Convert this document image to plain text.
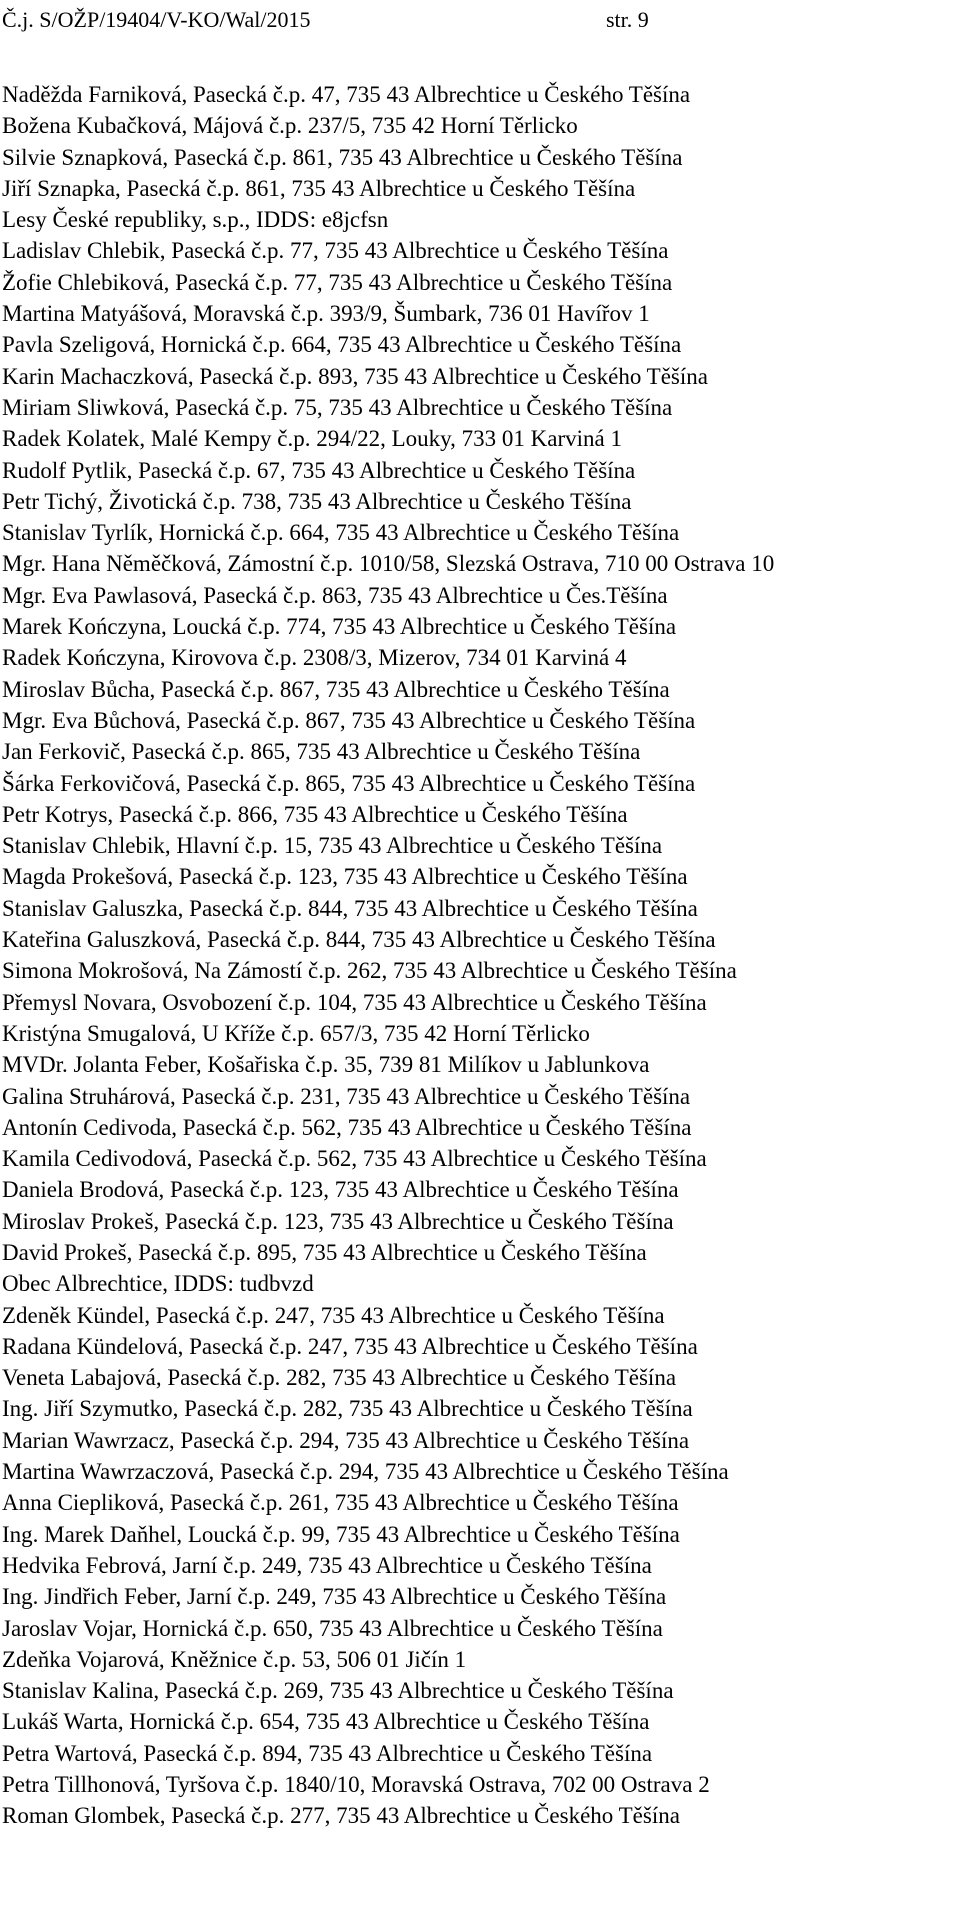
Č.j. S/OŽP/19404/V-KO/Wal/2015	str. 9

Naděžda Farniková, Pasecká č.p. 47, 735 43 Albrechtice u Českého Těšína

Božena Kubačková, Májová č.p. 237/5, 735 42 Horní Těrlicko

Silvie Sznapková, Pasecká č.p. 861, 735 43 Albrechtice u Českého Těšína

Jiří Sznapka, Pasecká č.p. 861, 735 43 Albrechtice u Českého Těšína

Lesy České republiky, s.p., IDDS: e8jcfsn

Ladislav Chlebik, Pasecká č.p. 77, 735 43 Albrechtice u Českého Těšína

Žofie Chlebiková, Pasecká č.p. 77, 735 43 Albrechtice u Českého Těšína

Martina Matyášová, Moravská č.p. 393/9, Šumbark, 736 01 Havířov 1

Pavla Szeligová, Hornická č.p. 664, 735 43 Albrechtice u Českého Těšína

Karin Machaczková, Pasecká č.p. 893, 735 43 Albrechtice u Českého Těšína

Miriam Sliwková, Pasecká č.p. 75, 735 43 Albrechtice u Českého Těšína

Radek Kolatek, Malé Kempy č.p. 294/22, Louky, 733 01 Karviná 1

Rudolf Pytlik, Pasecká č.p. 67, 735 43 Albrechtice u Českého Těšína

Petr Tichý, Životická č.p. 738, 735 43 Albrechtice u Českého Těšína

Stanislav Tyrlík, Hornická č.p. 664, 735 43 Albrechtice u Českého Těšína

Mgr. Hana Něměčková, Zámostní č.p. 1010/58, Slezská Ostrava, 710 00 Ostrava 10

Mgr. Eva Pawlasová, Pasecká č.p. 863, 735 43 Albrechtice u Čes.Těšína

Marek Kończyna, Loucká č.p. 774, 735 43 Albrechtice u Českého Těšína

Radek Kończyna, Kirovova č.p. 2308/3, Mizerov, 734 01 Karviná 4

Miroslav Bůcha, Pasecká č.p. 867, 735 43 Albrechtice u Českého Těšína

Mgr. Eva Bůchová, Pasecká č.p. 867, 735 43 Albrechtice u Českého Těšína

Jan Ferkovič, Pasecká č.p. 865, 735 43 Albrechtice u Českého Těšína

Šárka Ferkovičová, Pasecká č.p. 865, 735 43 Albrechtice u Českého Těšína

Petr Kotrys, Pasecká č.p. 866, 735 43 Albrechtice u Českého Těšína

Stanislav Chlebik, Hlavní č.p. 15, 735 43 Albrechtice u Českého Těšína

Magda Prokešová, Pasecká č.p. 123, 735 43 Albrechtice u Českého Těšína

Stanislav Galuszka, Pasecká č.p. 844, 735 43 Albrechtice u Českého Těšína

Kateřina Galuszková, Pasecká č.p. 844, 735 43 Albrechtice u Českého Těšína

Simona Mokrošová, Na Zámostí č.p. 262, 735 43 Albrechtice u Českého Těšína

Přemysl Novara, Osvobození č.p. 104, 735 43 Albrechtice u Českého Těšína

Kristýna Smugalová, U Kříže č.p. 657/3, 735 42 Horní Těrlicko

MVDr. Jolanta Feber, Košařiska č.p. 35, 739 81 Milíkov u Jablunkova

Galina Struhárová, Pasecká č.p. 231, 735 43 Albrechtice u Českého Těšína

Antonín Cedivoda, Pasecká č.p. 562, 735 43 Albrechtice u Českého Těšína

Kamila Cedivodová, Pasecká č.p. 562, 735 43 Albrechtice u Českého Těšína

Daniela Brodová, Pasecká č.p. 123, 735 43 Albrechtice u Českého Těšína

Miroslav Prokeš, Pasecká č.p. 123, 735 43 Albrechtice u Českého Těšína

David Prokeš, Pasecká č.p. 895, 735 43 Albrechtice u Českého Těšína

Obec Albrechtice, IDDS: tudbvzd

Zdeněk Kündel, Pasecká č.p. 247, 735 43 Albrechtice u Českého Těšína

Radana Kündelová, Pasecká č.p. 247, 735 43 Albrechtice u Českého Těšína

Veneta Labajová, Pasecká č.p. 282, 735 43 Albrechtice u Českého Těšína

Ing. Jiří Szymutko, Pasecká č.p. 282, 735 43 Albrechtice u Českého Těšína

Marian Wawrzacz, Pasecká č.p. 294, 735 43 Albrechtice u Českého Těšína

Martina Wawrzaczová, Pasecká č.p. 294, 735 43 Albrechtice u Českého Těšína

Anna Ciepliková, Pasecká č.p. 261, 735 43 Albrechtice u Českého Těšína

Ing. Marek Daňhel, Loucká č.p. 99, 735 43 Albrechtice u Českého Těšína

Hedvika Febrová, Jarní č.p. 249, 735 43 Albrechtice u Českého Těšína

Ing. Jindřich Feber, Jarní č.p. 249, 735 43 Albrechtice u Českého Těšína

Jaroslav Vojar, Hornická č.p. 650, 735 43 Albrechtice u Českého Těšína

Zdeňka Vojarová, Kněžnice č.p. 53, 506 01 Jičín 1

Stanislav Kalina, Pasecká č.p. 269, 735 43 Albrechtice u Českého Těšína

Lukáš Warta, Hornická č.p. 654, 735 43 Albrechtice u Českého Těšína

Petra Wartová, Pasecká č.p. 894, 735 43 Albrechtice u Českého Těšína

Petra Tillhonová, Tyršova č.p. 1840/10, Moravská Ostrava, 702 00 Ostrava 2

Roman Glombek, Pasecká č.p. 277, 735 43 Albrechtice u Českého Těšína
